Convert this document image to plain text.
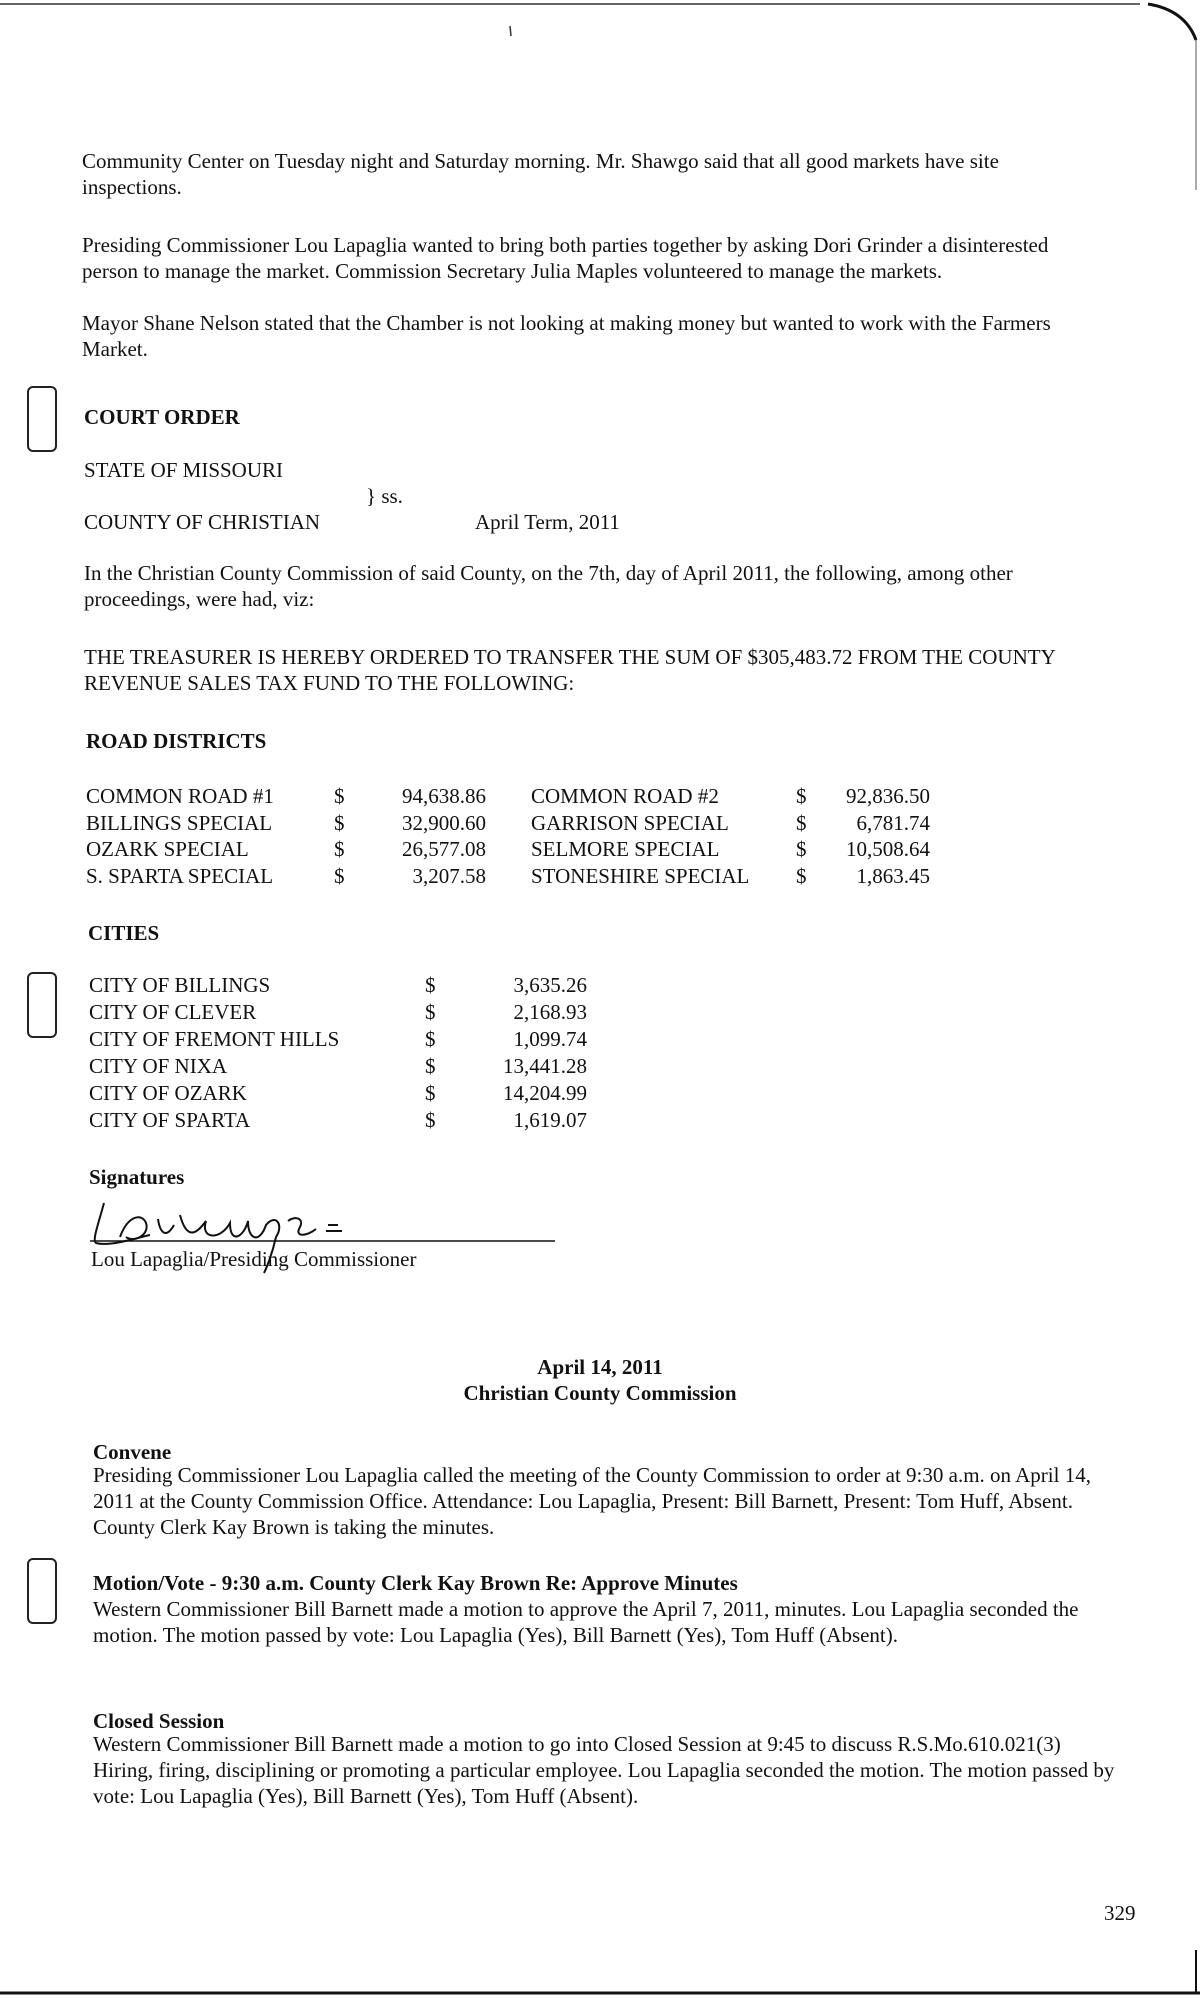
Community Center on Tuesday night and Saturday morning. Mr. Shawgo said that all good markets have site inspections.

Presiding Commissioner Lou Lapaglia wanted to bring both parties together by asking Dori Grinder a disinterested person to manage the market. Commission Secretary Julia Maples volunteered to manage the markets.

Mayor Shane Nelson stated that the Chamber is not looking at making money but wanted to work with the Farmers Market.

COURT ORDER
STATE OF MISSOURI
} ss.
COUNTY OF CHRISTIAN	April Term, 2011

In the Christian County Commission of said County, on the 7th, day of April 2011, the following, among other proceedings, were had, viz:

THE TREASURER IS HEREBY ORDERED TO TRANSFER THE SUM OF $305,483.72 FROM THE COUNTY REVENUE SALES TAX FUND TO THE FOLLOWING:

ROAD DISTRICTS
COMMON ROAD #1	$	94,638.86 COMMON ROAD #2	$	92,836.50
BILLINGS SPECIAL	$	32,900.60 GARRISON SPECIAL	$	6,781.74
OZARK SPECIAL	$	26,577.08 SELMORE SPECIAL	$	10,508.64
S. SPARTA SPECIAL	$	3,207.58 STONESHIRE SPECIAL $	1,863.45
CITIES
CITY OF BILLINGS	$	3,635.26
CITY OF CLEVER	$	2,168.93
CITY OF FREMONT HILLS	$	1,099.74
CITY OF NIXA	$	13,441.28
CITY OF OZARK	$	14,204.99
CITY OF SPARTA	$	1,619.07
Signatures
Lou Lapaglia/Presiding Commissioner
April 14, 2011
Christian County Commission
Convene

Presiding Commissioner Lou Lapaglia called the meeting of the County Commission to order at 9:30 a.m. on April 14, 2011 at the County Commission Office. Attendance: Lou Lapaglia, Present: Bill Barnett, Present: Tom Huff, Absent. County Clerk Kay Brown is taking the minutes.

Motion/Vote - 9:30 a.m. County Clerk Kay Brown Re: Approve Minutes

Western Commissioner Bill Barnett made a motion to approve the April 7, 2011, minutes. Lou Lapaglia seconded the motion. The motion passed by vote: Lou Lapaglia (Yes), Bill Barnett (Yes), Tom Huff (Absent).

Closed Session

Western Commissioner Bill Barnett made a motion to go into Closed Session at 9:45 to discuss R.S.Mo.610.021(3) Hiring, firing, disciplining or promoting a particular employee. Lou Lapaglia seconded the motion. The motion passed by vote: Lou Lapaglia (Yes), Bill Barnett (Yes), Tom Huff (Absent).

329
